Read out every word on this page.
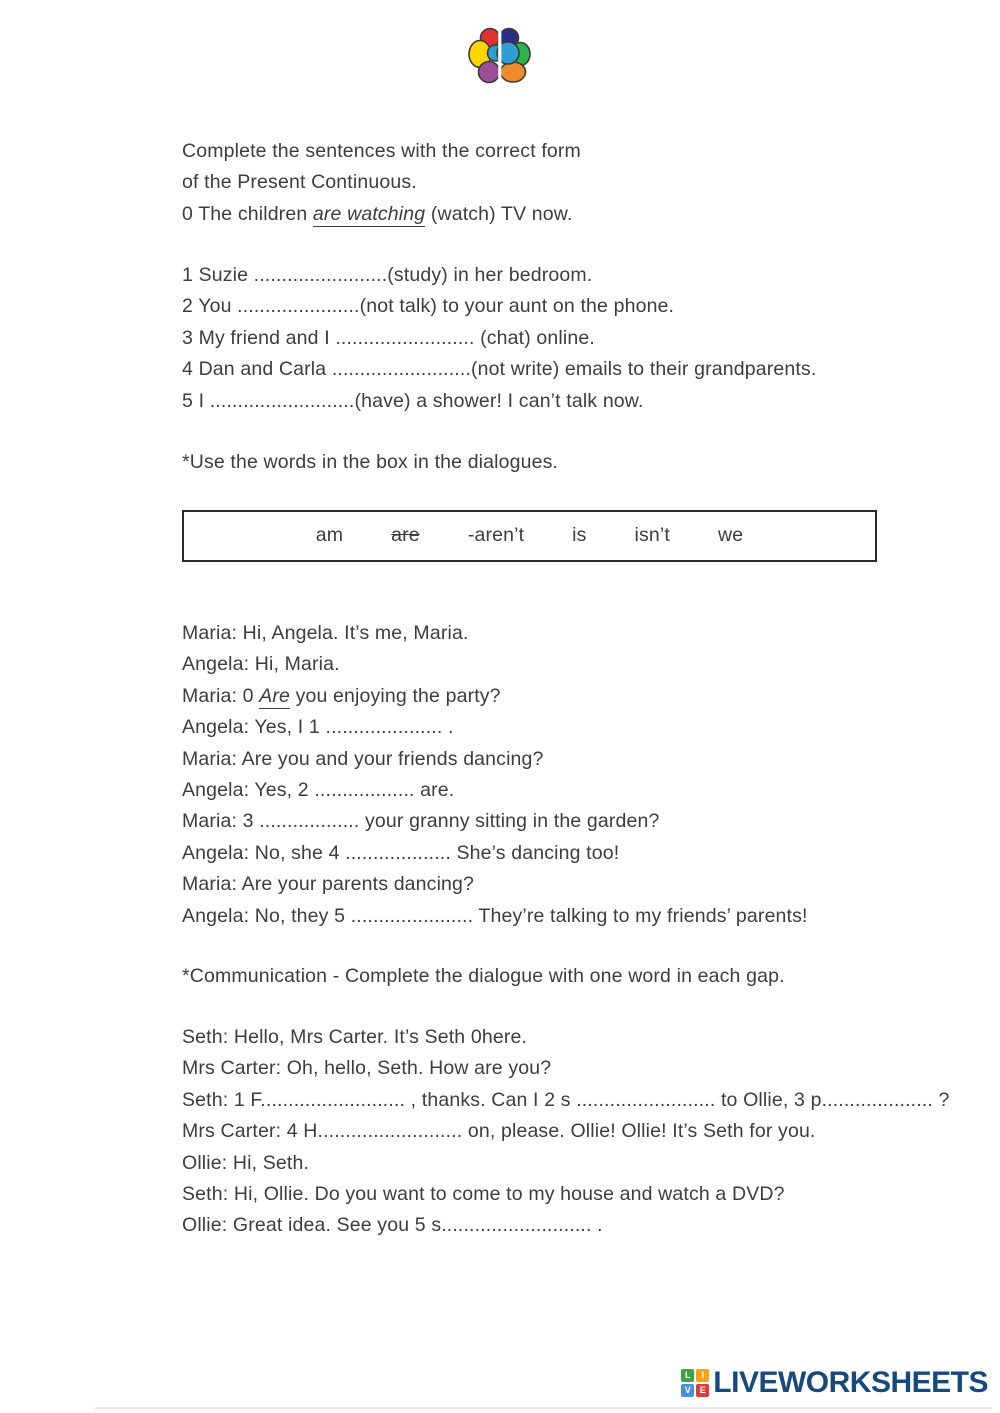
Complete the sentences with the correct form

of the Present Continuous.

0 The children are watching (watch) TV now.

1 Suzie ........................(study) in her bedroom.

2 You ......................(not talk) to your aunt on the phone.

3 My friend and I ......................... (chat) online.

4 Dan and Carla .........................(not write) emails to their grandparents.

5 I ..........................(have) a shower! I can’t talk now.

*Use the words in the box in the dialogues.

am are -aren’t is isn’t we

Maria: Hi, Angela. It’s me, Maria.

Angela: Hi, Maria.

Maria: 0 Are you enjoying the party?

Angela: Yes, I 1 ..................... .

Maria: Are you and your friends dancing?

Angela: Yes, 2 .................. are.

Maria: 3 .................. your granny sitting in the garden?

Angela: No, she 4 ................... She’s dancing too!

Maria: Are your parents dancing?

Angela: No, they 5 ...................... They’re talking to my friends’ parents!

*Communication - Complete the dialogue with one word in each gap.

Seth: Hello, Mrs Carter. It’s Seth 0here.

Mrs Carter: Oh, hello, Seth. How are you?

Seth: 1 F.......................... , thanks. Can I 2 s ......................... to Ollie, 3 p.................... ?

Mrs Carter: 4 H.......................... on, please. Ollie! Ollie! It’s Seth for you.

Ollie: Hi, Seth.

Seth: Hi, Ollie. Do you want to come to my house and watch a DVD?

Ollie: Great idea. See you 5 s........................... .

L	I
V E LIVEWORKSHEETS
